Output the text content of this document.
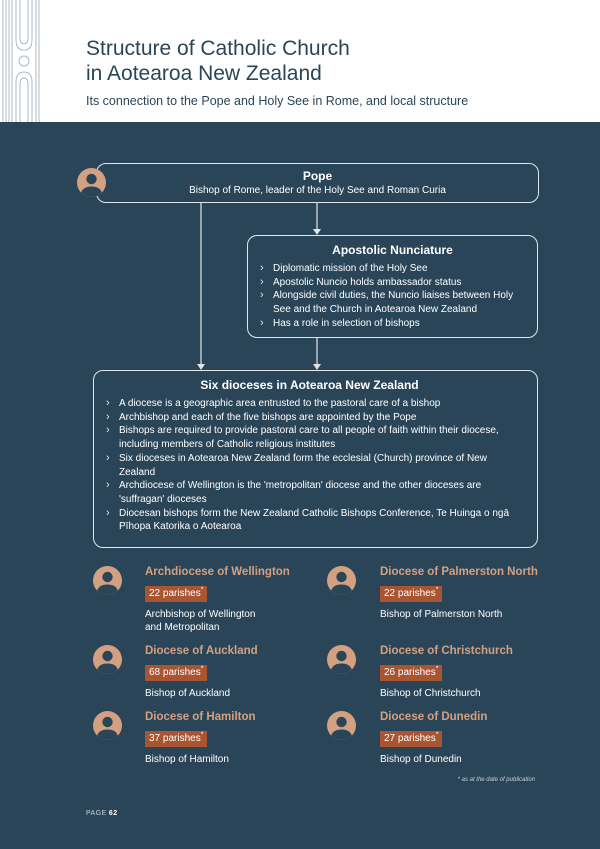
Structure of Catholic Church
in Aotearoa New Zealand
Its connection to the Pope and Holy See in Rome, and local structure
Pope
Bishop of Rome, leader of the Holy See and Roman Curia
Apostolic Nunciature
› Diplomatic mission of the Holy See
› Apostolic Nuncio holds ambassador status
› Alongside civil duties, the Nuncio liaises between Holy See and the Church in Aotearoa New Zealand
› Has a role in selection of bishops
Six dioceses in Aotearoa New Zealand
› A diocese is a geographic area entrusted to the pastoral care of a bishop
› Archbishop and each of the five bishops are appointed by the Pope
› Bishops are required to provide pastoral care to all people of faith within their diocese, including members of Catholic religious institutes
› Six dioceses in Aotearoa New Zealand form the ecclesial (Church) province of New Zealand
› Archdiocese of Wellington is the 'metropolitan' diocese and the other dioceses are 'suffragan' dioceses
› Diocesan bishops form the New Zealand Catholic Bishops Conference, Te Huinga o ngā Pīhopa Katorika o Aotearoa
Archdiocese of Wellington
22 parishes*
Archbishop of Wellington
and Metropolitan
Diocese of Palmerston North
22 parishes*
Bishop of Palmerston North
Diocese of Auckland
68 parishes*
Bishop of Auckland
Diocese of Christchurch
26 parishes*
Bishop of Christchurch
Diocese of Hamilton
37 parishes*
Bishop of Hamilton
Diocese of Dunedin
27 parishes*
Bishop of Dunedin
* as at the date of publication
PAGE 62
